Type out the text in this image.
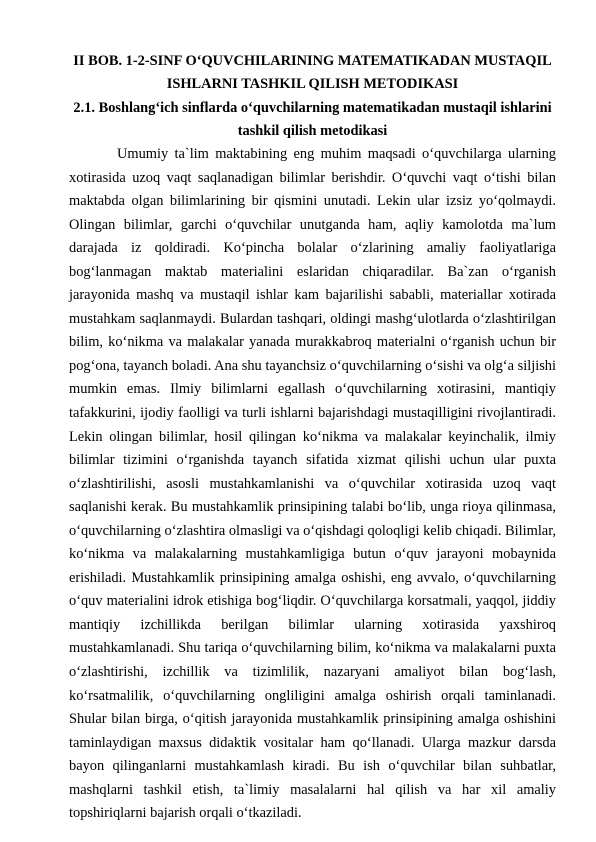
II BOB. 1-2-SINF O‘QUVCHILARINING MATEMATIKADAN MUSTAQIL ISHLARNI TASHKIL QILISH METODIKASI
2.1. Boshlang‘ich sinflarda o‘quvchilarning matematikadan mustaqil ishlarini tashkil qilish metodikasi

Umumiy ta`lim maktabining eng muhim maqsadi o‘quvchilarga ularning xotirasida uzoq vaqt saqlanadigan bilimlar berishdir. O‘quvchi vaqt o‘tishi bilan maktabda olgan bilimlarining bir qismini unutadi. Lekin ular izsiz yo‘qolmaydi. Olingan bilimlar, garchi o‘quvchilar unutganda ham, aqliy kamolotda ma`lum darajada iz qoldiradi. Ko‘pincha bolalar o‘zlarining amaliy faoliyatlariga bog‘lanmagan maktab materialini eslaridan chiqaradilar. Ba`zan o‘rganish jarayonida mashq va mustaqil ishlar kam bajarilishi sababli, materiallar xotirada mustahkam saqlanmaydi. Bulardan tashqari, oldingi mashg‘ulotlarda o‘zlashtirilgan bilim, ko‘nikma va malakalar yanada murakkabroq materialni o‘rganish uchun bir pog‘ona, tayanch boladi. Ana shu tayanchsiz o‘quvchilarning o‘sishi va olg‘a siljishi mumkin emas. Ilmiy bilimlarni egallash o‘quvchilarning xotirasini, mantiqiy tafakkurini, ijodiy faolligi va turli ishlarni bajarishdagi mustaqilligini rivojlantiradi. Lekin olingan bilimlar, hosil qilingan ko‘nikma va malakalar keyinchalik, ilmiy bilimlar tizimini o‘rganishda tayanch sifatida xizmat qilishi uchun ular puxta o‘zlashtirilishi, asosli mustahkamlanishi va o‘quvchilar xotirasida uzoq vaqt saqlanishi kerak. Bu mustahkamlik prinsipining talabi bo‘lib, unga rioya qilinmasa, o‘quvchilarning o‘zlashtira olmasligi va o‘qishdagi qoloqligi kelib chiqadi. Bilimlar, ko‘nikma va malakalarning mustahkamligiga butun o‘quv jarayoni mobaynida erishiladi. Mustahkamlik prinsipining amalga oshishi, eng avvalo, o‘quvchilarning o‘quv materialini idrok etishiga bog‘liqdir. O‘quvchilarga korsatmali, yaqqol, jiddiy mantiqiy izchillikda berilgan bilimlar ularning xotirasida yaxshiroq mustahkamlanadi. Shu tariqa o‘quvchilarning bilim, ko‘nikma va malakalarni puxta o‘zlashtirishi, izchillik va tizimlilik, nazaryani amaliyot bilan bog‘lash, ko‘rsatmalilik, o‘quvchilarning ongliligini amalga oshirish orqali taminlanadi. Shular bilan birga, o‘qitish jarayonida mustahkamlik prinsipining amalga oshishini taminlaydigan maxsus didaktik vositalar ham qo‘llanadi. Ularga mazkur darsda bayon qilinganlarni mustahkamlash kiradi. Bu ish o‘quvchilar bilan suhbatlar, mashqlarni tashkil etish, ta`limiy masalalarni hal qilish va har xil amaliy topshiriqlarni bajarish orqali o‘tkaziladi.
